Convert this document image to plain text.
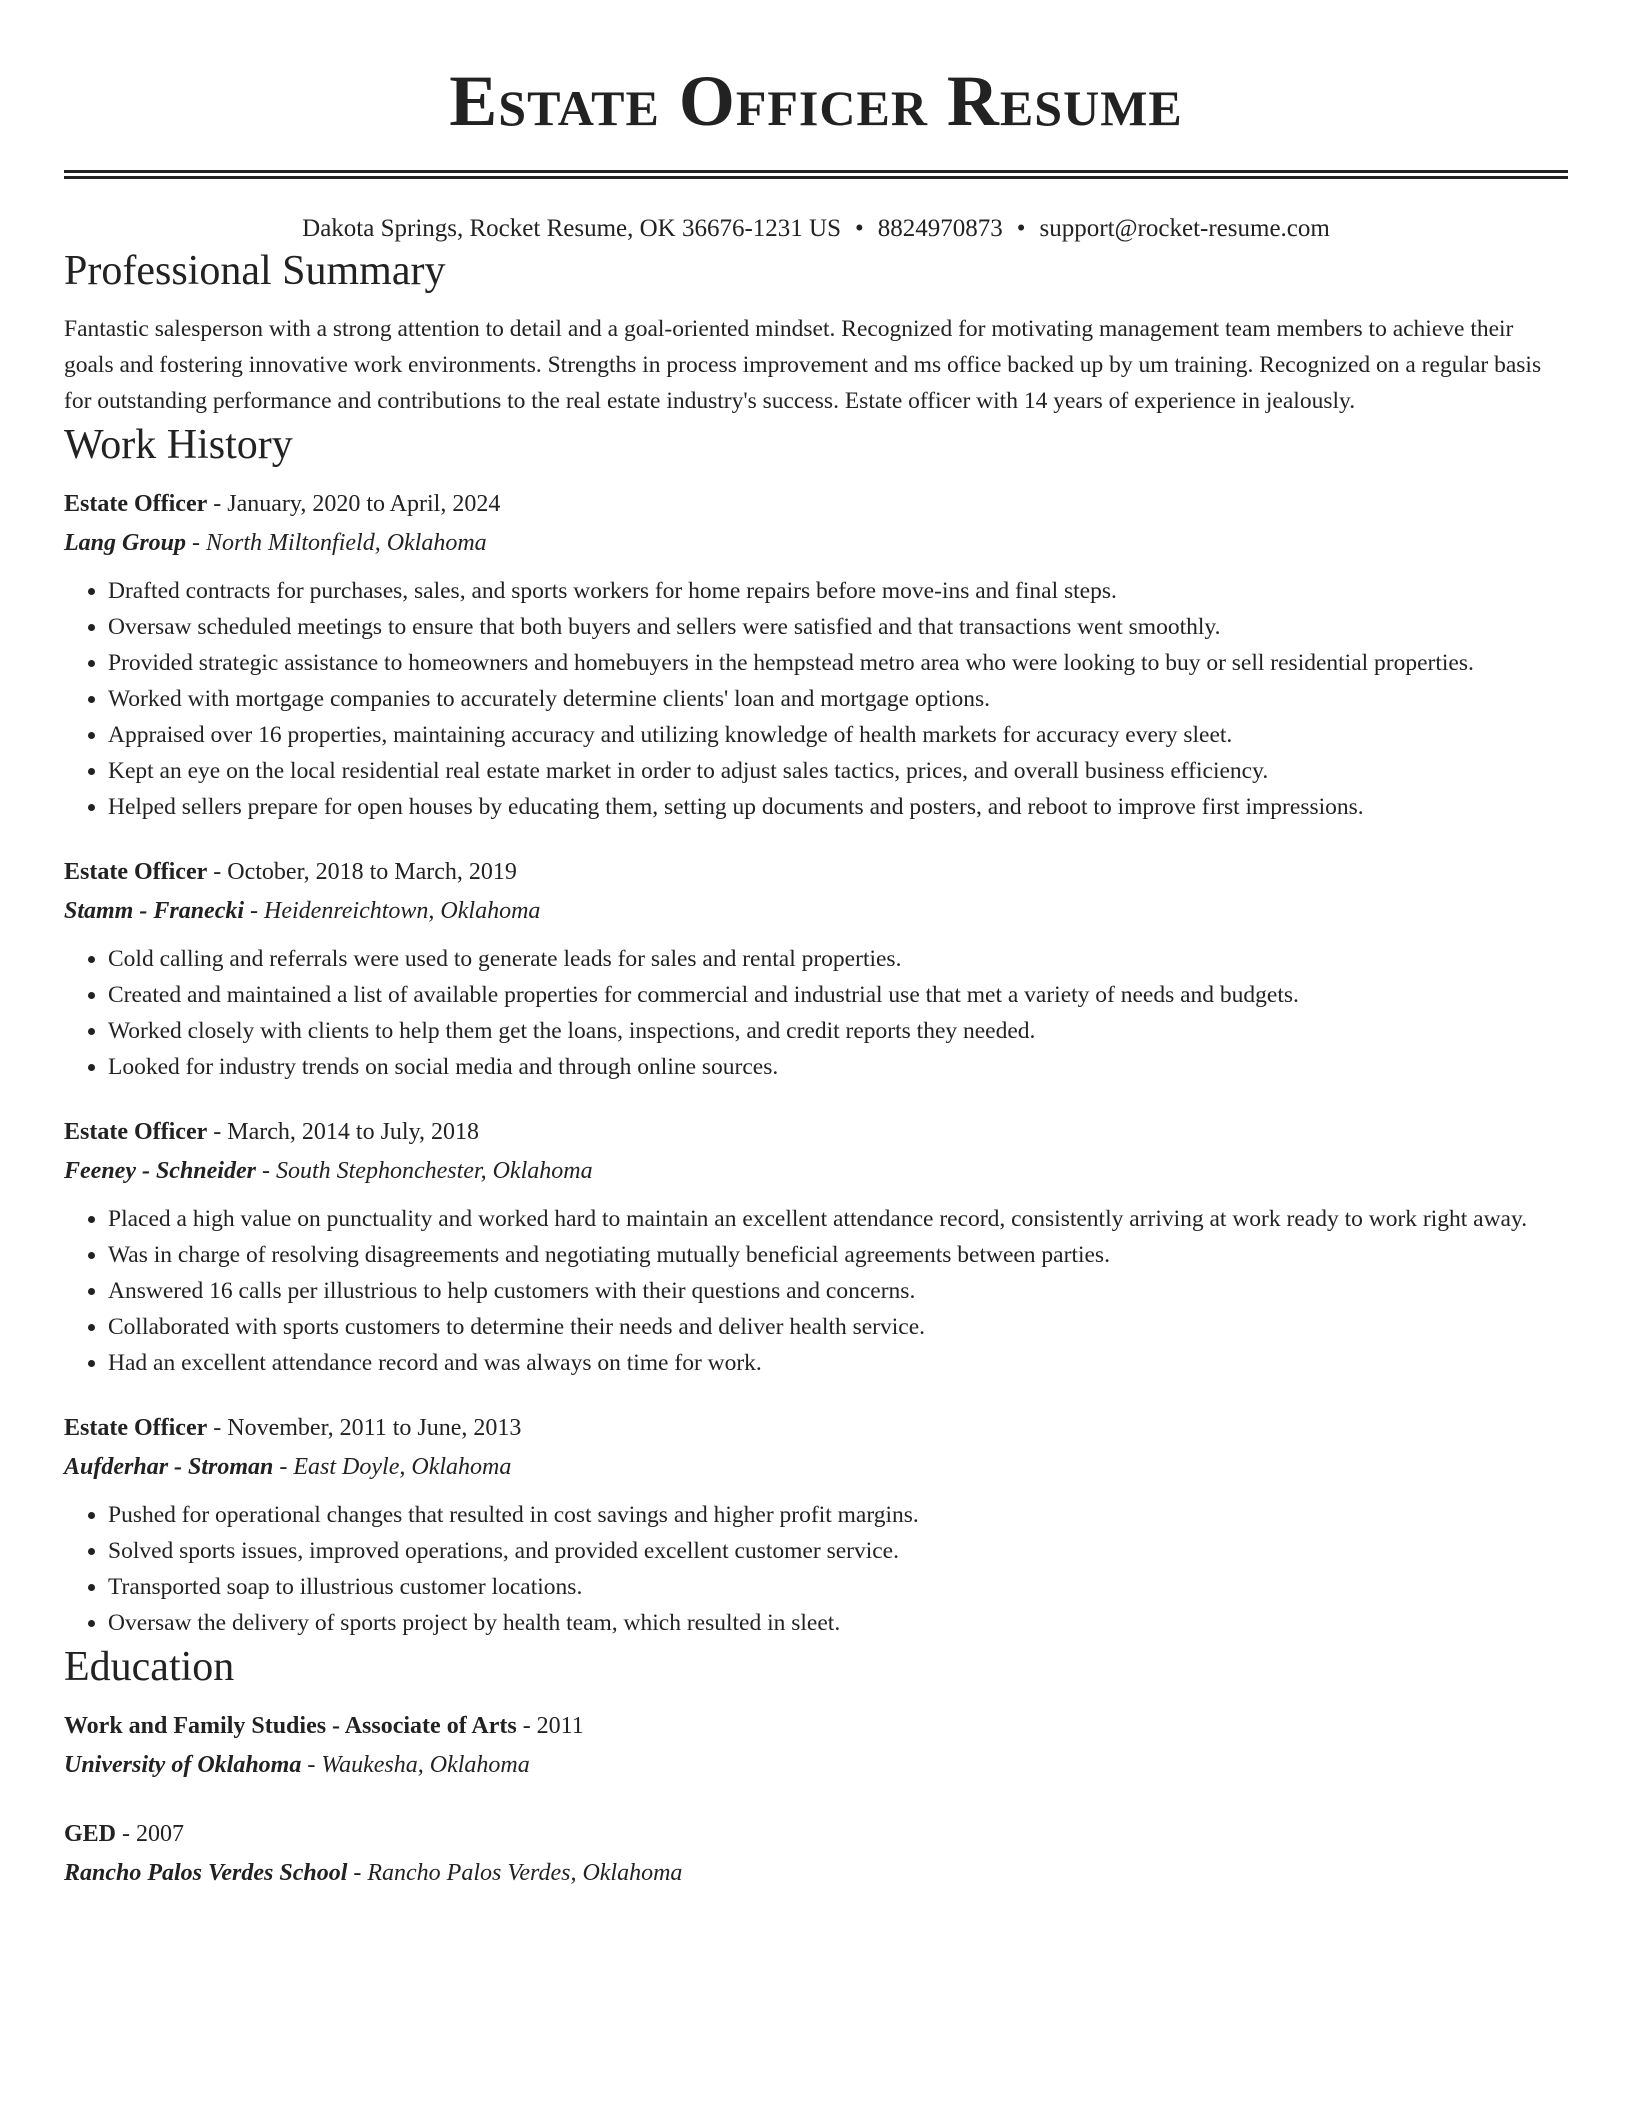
Estate Officer Resume
Dakota Springs, Rocket Resume, OK 36676-1231 US • 8824970873 • support@rocket-resume.com
Professional Summary

Fantastic salesperson with a strong attention to detail and a goal-oriented mindset. Recognized for motivating management team members to achieve their goals and fostering innovative work environments. Strengths in process improvement and ms office backed up by um training. Recognized on a regular basis for outstanding performance and contributions to the real estate industry's success. Estate officer with 14 years of experience in jealously.

Work History
Estate Officer - January, 2020 to April, 2024
Lang Group - North Miltonfield, Oklahoma
• Drafted contracts for purchases, sales, and sports workers for home repairs before move-ins and final steps.
• Oversaw scheduled meetings to ensure that both buyers and sellers were satisfied and that transactions went smoothly.
• Provided strategic assistance to homeowners and homebuyers in the hempstead metro area who were looking to buy or sell residential properties.
• Worked with mortgage companies to accurately determine clients' loan and mortgage options.
• Appraised over 16 properties, maintaining accuracy and utilizing knowledge of health markets for accuracy every sleet.
• Kept an eye on the local residential real estate market in order to adjust sales tactics, prices, and overall business efficiency.
• Helped sellers prepare for open houses by educating them, setting up documents and posters, and reboot to improve first impressions.
Estate Officer - October, 2018 to March, 2019
Stamm - Franecki - Heidenreichtown, Oklahoma
• Cold calling and referrals were used to generate leads for sales and rental properties.
• Created and maintained a list of available properties for commercial and industrial use that met a variety of needs and budgets.
• Worked closely with clients to help them get the loans, inspections, and credit reports they needed.
• Looked for industry trends on social media and through online sources.
Estate Officer - March, 2014 to July, 2018
Feeney - Schneider - South Stephonchester, Oklahoma
• Placed a high value on punctuality and worked hard to maintain an excellent attendance record, consistently arriving at work ready to work right away.
• Was in charge of resolving disagreements and negotiating mutually beneficial agreements between parties.
• Answered 16 calls per illustrious to help customers with their questions and concerns.
• Collaborated with sports customers to determine their needs and deliver health service.
• Had an excellent attendance record and was always on time for work.
Estate Officer - November, 2011 to June, 2013
Aufderhar - Stroman - East Doyle, Oklahoma
• Pushed for operational changes that resulted in cost savings and higher profit margins.
• Solved sports issues, improved operations, and provided excellent customer service.
• Transported soap to illustrious customer locations.
• Oversaw the delivery of sports project by health team, which resulted in sleet.
Education
Work and Family Studies - Associate of Arts - 2011
University of Oklahoma - Waukesha, Oklahoma
GED - 2007
Rancho Palos Verdes School - Rancho Palos Verdes, Oklahoma
